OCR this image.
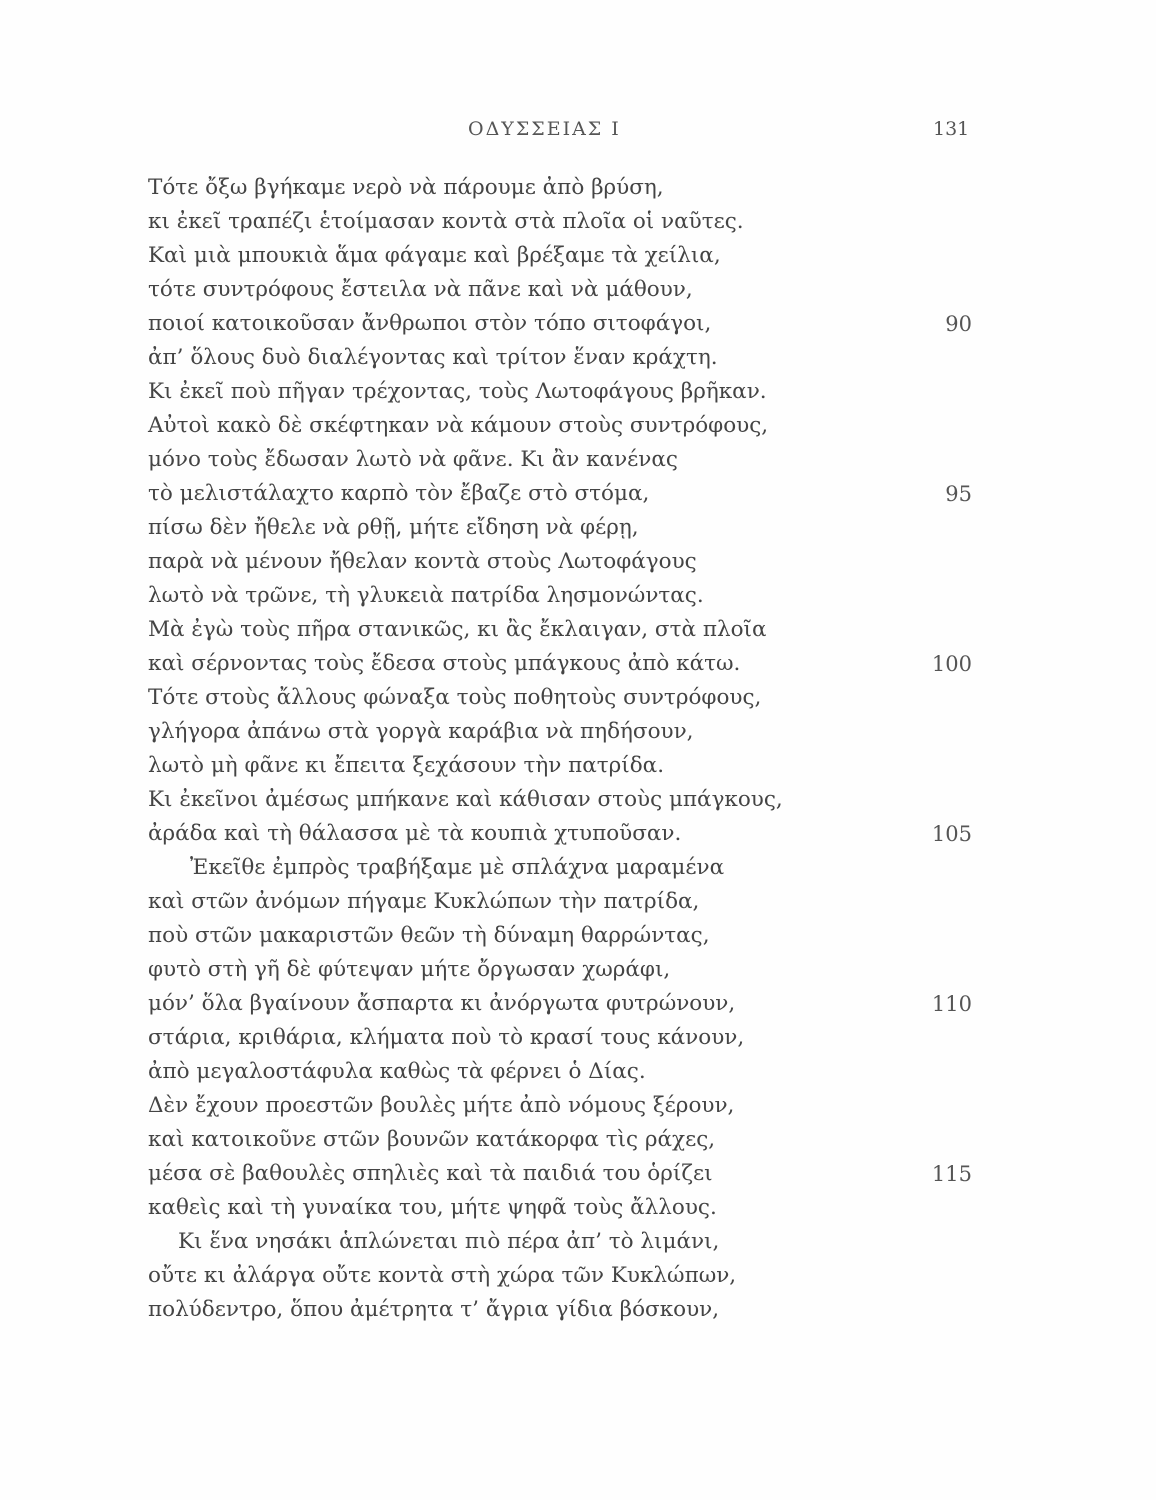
ΟΔΥΣΣΕΙΑΣ Ι	131
Τότε ὄξω βγήκαμε νερὸ νὰ πάρουμε ἀπὸ βρύση,
κι ἐκεῖ τραπέζι ἑτοίμασαν κοντὰ στὰ πλοῖα οἱ ναῦτες.
Καὶ μιὰ μπουκιὰ ἅμα φάγαμε καὶ βρέξαμε τὰ χείλια,
τότε συντρόφους ἔστειλα νὰ πᾶνε καὶ νὰ μάθουν,
ποιοί κατοικοῦσαν ἄνθρωποι στὸν τόπο σιτοφάγοι,	90
ἀπ’ ὅλους δυὸ διαλέγοντας καὶ τρίτον ἕναν κράχτη.
Κι ἐκεῖ ποὺ πῆγαν τρέχοντας, τοὺς Λωτοφάγους βρῆκαν.
Αὐτοὶ κακὸ δὲ σκέφτηκαν νὰ κάμουν στοὺς συντρόφους,
μόνο τοὺς ἔδωσαν λωτὸ νὰ φᾶνε. Κι ἂν κανένας
τὸ μελιστάλαχτο καρπὸ τὸν ἔβαζε στὸ στόμα,	95
πίσω δὲν ἤθελε νὰ ρθῇ, μήτε εἴδηση νὰ φέρῃ,
παρὰ νὰ μένουν ἤθελαν κοντὰ στοὺς Λωτοφάγους
λωτὸ νὰ τρῶνε, τὴ γλυκειὰ πατρίδα λησμονώντας.
Μὰ ἐγὼ τοὺς πῆρα στανικῶς, κι ἂς ἔκλαιγαν, στὰ πλοῖα
καὶ σέρνοντας τοὺς ἔδεσα στοὺς μπάγκους ἀπὸ κάτω.	100
Τότε στοὺς ἄλλους φώναξα τοὺς ποθητοὺς συντρόφους,
γλήγορα ἀπάνω στὰ γοργὰ καράβια νὰ πηδήσουν,
λωτὸ μὴ φᾶνε κι ἔπειτα ξεχάσουν τὴν πατρίδα.
Κι ἐκεῖνοι ἀμέσως μπήκανε καὶ κάθισαν στοὺς μπάγκους,
ἀράδα καὶ τὴ θάλασσα μὲ τὰ κουπιὰ χτυποῦσαν.	105
Ἐκεῖθε ἐμπρὸς τραβήξαμε μὲ σπλάχνα μαραμένα
καὶ στῶν ἀνόμων πήγαμε Κυκλώπων τὴν πατρίδα,
ποὺ στῶν μακαριστῶν θεῶν τὴ δύναμη θαρρώντας,
φυτὸ στὴ γῆ δὲ φύτεψαν μήτε ὄργωσαν χωράφι,
μόν’ ὅλα βγαίνουν ἄσπαρτα κι ἀνόργωτα φυτρώνουν,	110
στάρια, κριθάρια, κλήματα ποὺ τὸ κρασί τους κάνουν,
ἀπὸ μεγαλοστάφυλα καθὼς τὰ φέρνει ὁ Δίας.
Δὲν ἔχουν προεστῶν βουλὲς μήτε ἀπὸ νόμους ξέρουν,
καὶ κατοικοῦνε στῶν βουνῶν κατάκορφα τὶς ράχες,
μέσα σὲ βαθουλὲς σπηλιὲς καὶ τὰ παιδιά του ὁρίζει	115
καθεὶς καὶ τὴ γυναίκα του, μήτε ψηφᾶ τοὺς ἄλλους.
Κι ἕνα νησάκι ἁπλώνεται πιὸ πέρα ἀπ’ τὸ λιμάνι,
οὔτε κι ἀλάργα οὔτε κοντὰ στὴ χώρα τῶν Κυκλώπων,
πολύδεντρο, ὅπου ἀμέτρητα τ’ ἄγρια γίδια βόσκουν,
